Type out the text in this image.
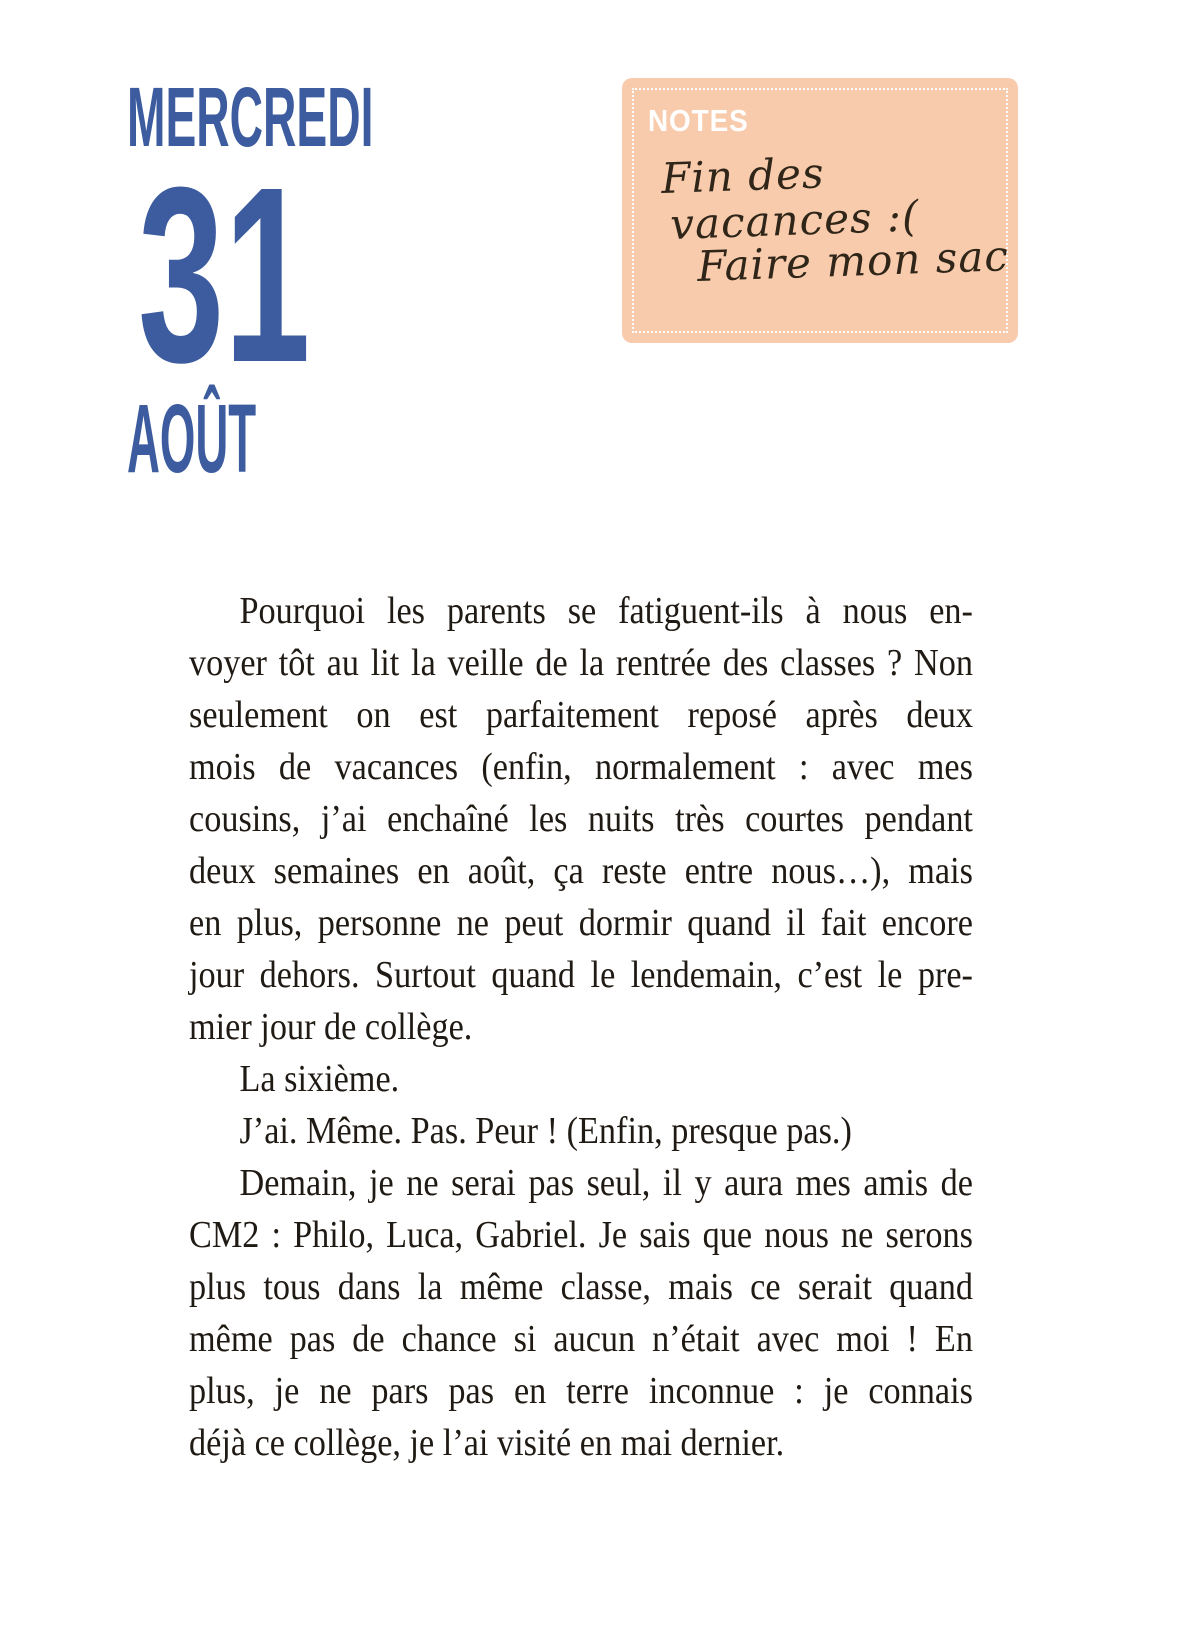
MERCREDI
31
AOÛT
NOTES
Fin des
vacances :(
Faire mon sac
Pourquoi les parents se fatiguent-ils à nous en-
voyer tôt au lit la veille de la rentrée des classes ? Non
seulement on est parfaitement reposé après deux
mois de vacances (enfin, normalement : avec mes
cousins, j’ai enchaîné les nuits très courtes pendant
deux semaines en août, ça reste entre nous…), mais
en plus, personne ne peut dormir quand il fait encore
jour dehors. Surtout quand le lendemain, c’est le pre-
mier jour de collège.
La sixième.
J’ai. Même. Pas. Peur ! (Enfin, presque pas.)
Demain, je ne serai pas seul, il y aura mes amis de
CM2 : Philo, Luca, Gabriel. Je sais que nous ne serons
plus tous dans la même classe, mais ce serait quand
même pas de chance si aucun n’était avec moi ! En
plus, je ne pars pas en terre inconnue : je connais
déjà ce collège, je l’ai visité en mai dernier.
